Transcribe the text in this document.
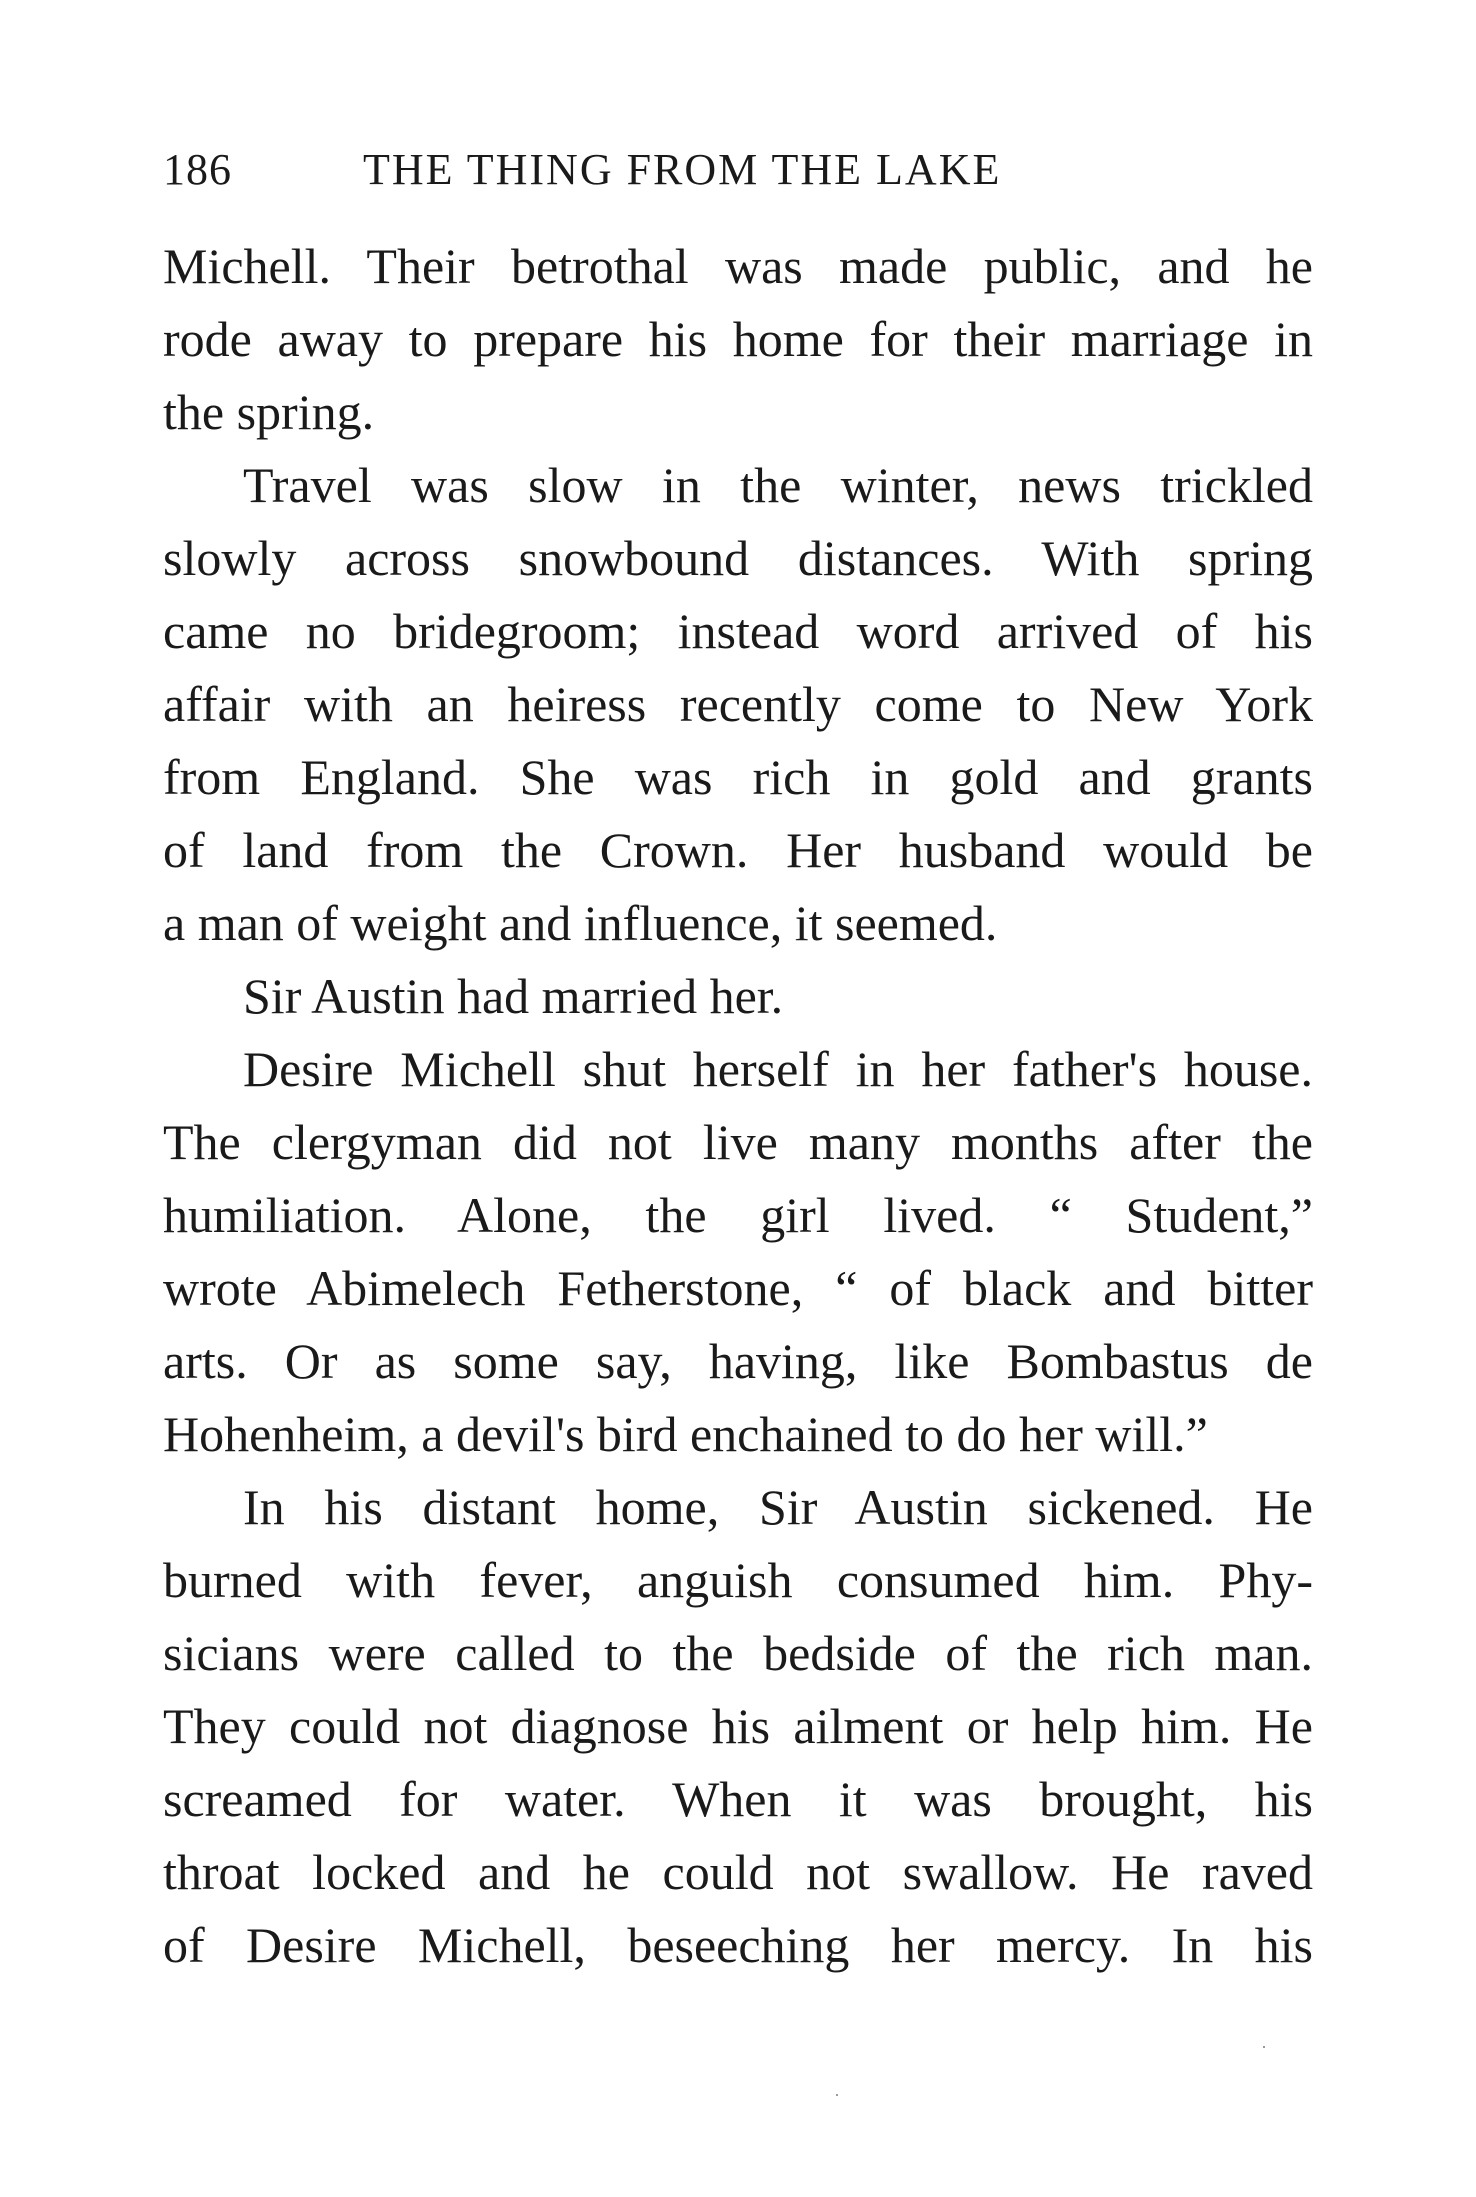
186	THE THING FROM THE LAKE
Michell. Their betrothal was made public, and he
rode away to prepare his home for their marriage in
the spring.
Travel was slow in the winter, news trickled
slowly across snowbound distances. With spring
came no bridegroom; instead word arrived of his
affair with an heiress recently come to New York
from England. She was rich in gold and grants
of land from the Crown. Her husband would be
a man of weight and influence, it seemed.
Sir Austin had married her.
Desire Michell shut herself in her father's house.
The clergyman did not live many months after the
humiliation. Alone, the girl lived. “ Student,”
wrote Abimelech Fetherstone, “ of black and bitter
arts. Or as some say, having, like Bombastus de
Hohenheim, a devil's bird enchained to do her will.”
In his distant home, Sir Austin sickened. He
burned with fever, anguish consumed him. Phy-
sicians were called to the bedside of the rich man.
They could not diagnose his ailment or help him. He
screamed for water. When it was brought, his
throat locked and he could not swallow. He raved
of Desire Michell, beseeching her mercy. In his
